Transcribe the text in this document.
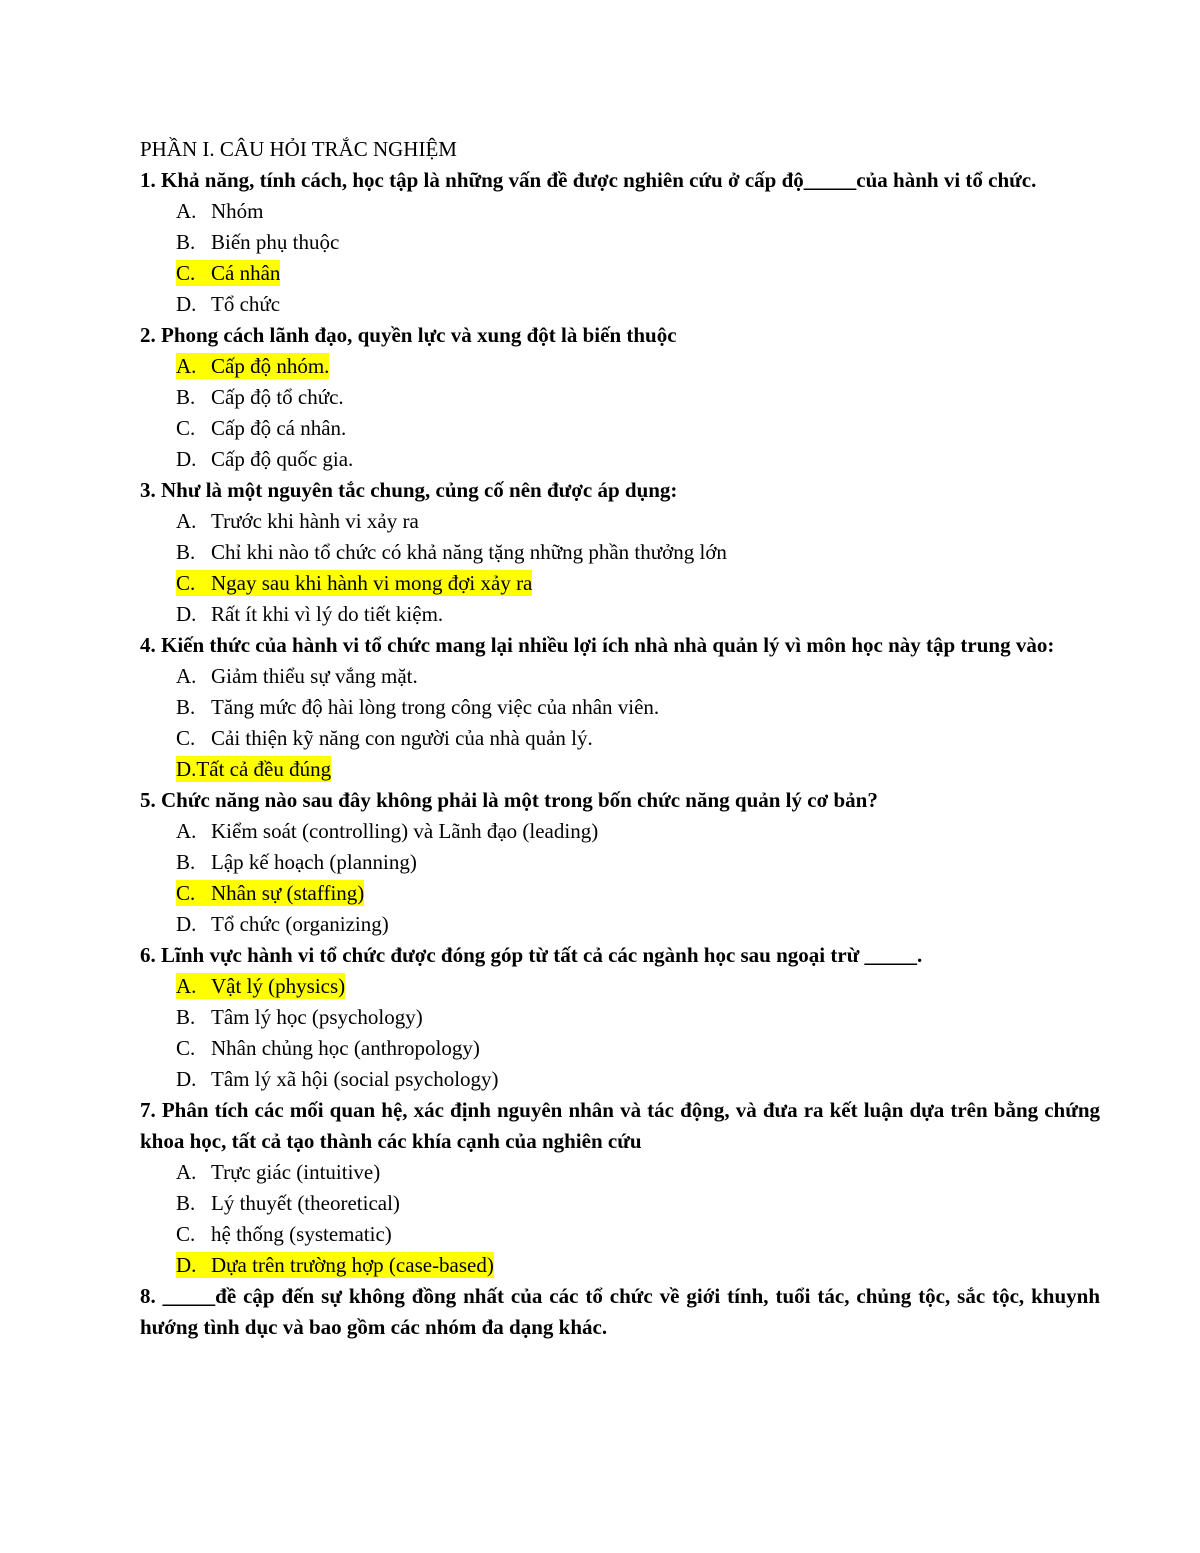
PHẦN I. CÂU HỎI TRẮC NGHIỆM
1. Khả năng, tính cách, học tập là những vấn đề được nghiên cứu ở cấp độ_____của hành vi tổ chức.
A. Nhóm
B. Biến phụ thuộc
C. Cá nhân
D. Tổ chức
2. Phong cách lãnh đạo, quyền lực và xung đột là biến thuộc
A. Cấp độ nhóm.
B. Cấp độ tổ chức.
C. Cấp độ cá nhân.
D. Cấp độ quốc gia.
3. Như là một nguyên tắc chung, củng cố nên được áp dụng:
A. Trước khi hành vi xảy ra
B. Chỉ khi nào tổ chức có khả năng tặng những phần thưởng lớn
C. Ngay sau khi hành vi mong đợi xảy ra
D. Rất ít khi vì lý do tiết kiệm.
4. Kiến thức của hành vi tổ chức mang lại nhiều lợi ích nhà nhà quản lý vì môn học này tập trung vào:
A. Giảm thiểu sự vắng mặt.
B. Tăng mức độ hài lòng trong công việc của nhân viên.
C. Cải thiện kỹ năng con người của nhà quản lý.
D.Tất cả đều đúng
5. Chức năng nào sau đây không phải là một trong bốn chức năng quản lý cơ bản?
A. Kiểm soát (controlling) và Lãnh đạo (leading)
B. Lập kế hoạch (planning)
C. Nhân sự (staffing)
D. Tổ chức (organizing)
6. Lĩnh vực hành vi tổ chức được đóng góp từ tất cả các ngành học sau ngoại trừ _____.
A. Vật lý (physics)
B. Tâm lý học (psychology)
C. Nhân chủng học (anthropology)
D. Tâm lý xã hội (social psychology)
7. Phân tích các mối quan hệ, xác định nguyên nhân và tác động, và đưa ra kết luận dựa trên bằng chứng khoa học, tất cả tạo thành các khía cạnh của nghiên cứu
A. Trực giác (intuitive)
B. Lý thuyết (theoretical)
C. hệ thống (systematic)
D. Dựa trên trường hợp (case-based)
8. _____đề cập đến sự không đồng nhất của các tổ chức về giới tính, tuổi tác, chủng tộc, sắc tộc, khuynh hướng tình dục và bao gồm các nhóm đa dạng khác.
